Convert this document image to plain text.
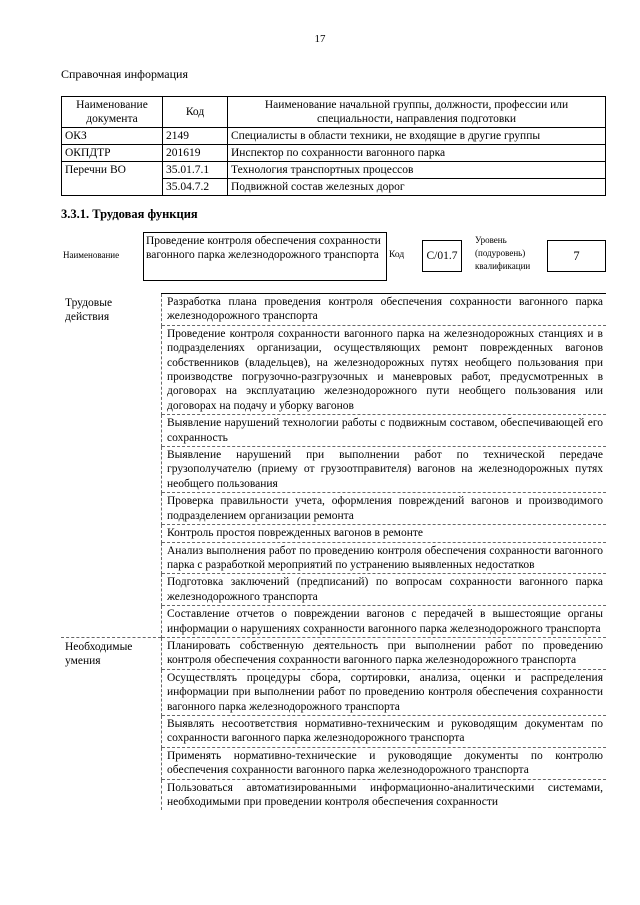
17
Справочная информация
Наименование документа	Код	Наименование начальной группы, должности, профессии или специальности, направления подготовки
ОКЗ	2149	Специалисты в области техники, не входящие в другие группы
ОКПДТР	201619	Инспектор по сохранности вагонного парка
Перечни ВО	35.01.7.1	Технология транспортных процессов
	35.04.7.2	Подвижной состав железных дорог
3.3.1. Трудовая функция
Наименование
Проведение контроля обеспечения сохранности вагонного парка железнодорожного транспорта	Код	C/01.7
Уровень (подуровень) квалификации
7
Трудовые действия	Разработка плана проведения контроля обеспечения сохранности вагонного парка железнодорожного транспорта
	Проведение контроля сохранности вагонного парка на железнодорожных станциях и в подразделениях организации, осуществляющих ремонт поврежденных вагонов собственников (владельцев), на железнодорожных путях необщего пользования при производстве погрузочно-разгрузочных и маневровых работ, предусмотренных в договорах на эксплуатацию железнодорожного пути необщего пользования или договорах на подачу и уборку вагонов
	Выявление нарушений технологии работы с подвижным составом, обеспечивающей его сохранность
	Выявление нарушений при выполнении работ по технической передаче грузополучателю (приему от грузоотправителя) вагонов на железнодорожных путях необщего пользования
	Проверка правильности учета, оформления повреждений вагонов и производимого подразделением организации ремонта
	Контроль простоя поврежденных вагонов в ремонте
	Анализ выполнения работ по проведению контроля обеспечения сохранности вагонного парка с разработкой мероприятий по устранению выявленных недостатков
	Подготовка заключений (предписаний) по вопросам сохранности вагонного парка железнодорожного транспорта
	Составление отчетов о повреждении вагонов с передачей в вышестоящие органы информации о нарушениях сохранности вагонного парка железнодорожного транспорта
Необходимые умения	Планировать собственную деятельность при выполнении работ по проведению контроля обеспечения сохранности вагонного парка железнодорожного транспорта
	Осуществлять процедуры сбора, сортировки, анализа, оценки и распределения информации при выполнении работ по проведению контроля обеспечения сохранности вагонного парка железнодорожного транспорта
	Выявлять несоответствия нормативно-техническим и руководящим документам по сохранности вагонного парка железнодорожного транспорта
	Применять нормативно-технические и руководящие документы по контролю обеспечения сохранности вагонного парка железнодорожного транспорта
	Пользоваться автоматизированными информационно-аналитическими системами, необходимыми при проведении контроля обеспечения сохранности
